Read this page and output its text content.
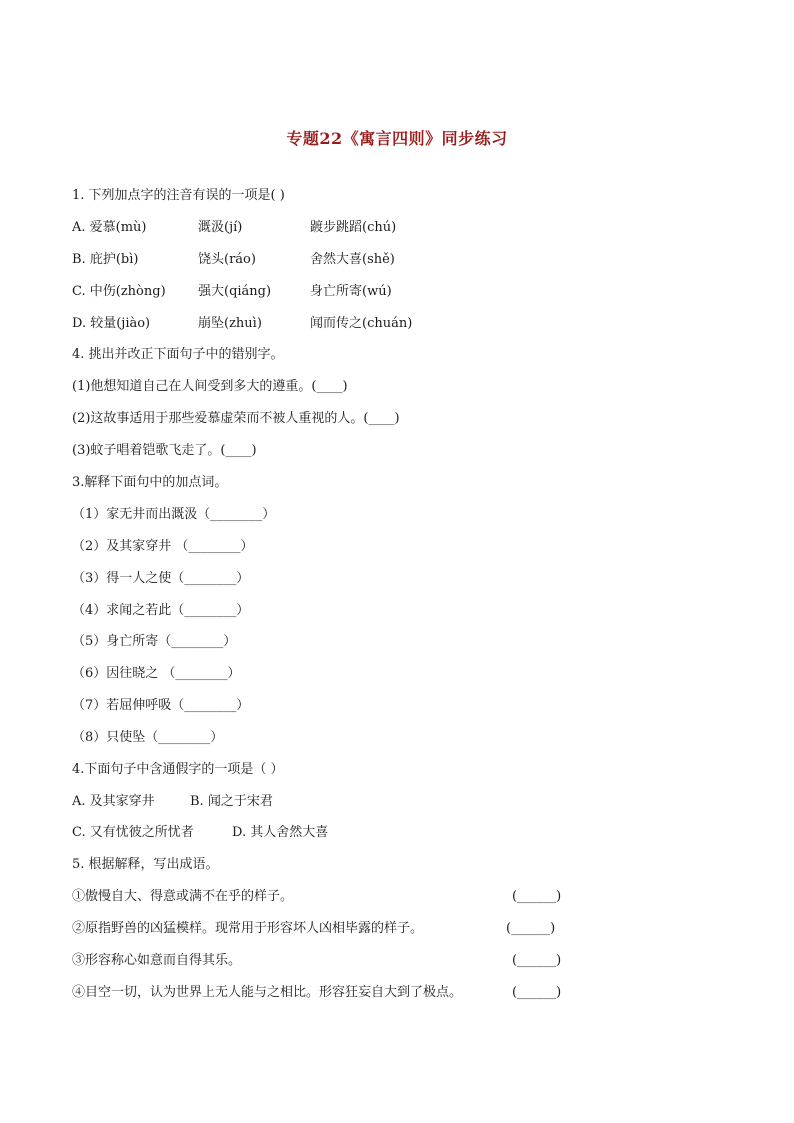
专题22《寓言四则》同步练习
1. 下列加点字的注音有误的一项是( )
A. 爱慕(mù)	溉汲(jí)	踱步跳蹈(chú)
B. 庇护(bì)	饶头(ráo)	舍然大喜(shě)
C. 中伤(zhòng) 强大(qiáng)	身亡所寄(wú)
D. 较量(jiào)	崩坠(zhuì)	闻而传之(chuán)
4. 挑出并改正下面句子中的错别字。
(1)他想知道自己在人间受到多大的遵重。(____)
(2)这故事适用于那些爱慕虚荣而不被人重视的人。(____)
(3)蚊子唱着铠歌飞走了。(____)
3.解释下面句中的加点词。
（1）家无井而出溉汲（________）
（2）及其家穿井 （________）
（3）得一人之使（________）
（4）求闻之若此（________）
（5）身亡所寄（________）
（6）因往晓之 （________）
（7）若屈伸呼吸（________）
（8）只使坠（________）
4.下面句子中含通假字的一项是（ ）
A. 及其家穿井	B. 闻之于宋君
C. 又有忧彼之所忧者	D. 其人舍然大喜
5. 根据解释，写出成语。
①傲慢自大、得意或满不在乎的样子。	(______)
②原指野兽的凶猛模样。现常用于形容坏人凶相毕露的样子。	(______)
③形容称心如意而自得其乐。	(______)
④目空一切，认为世界上无人能与之相比。形容狂妄自大到了极点。	(______)
